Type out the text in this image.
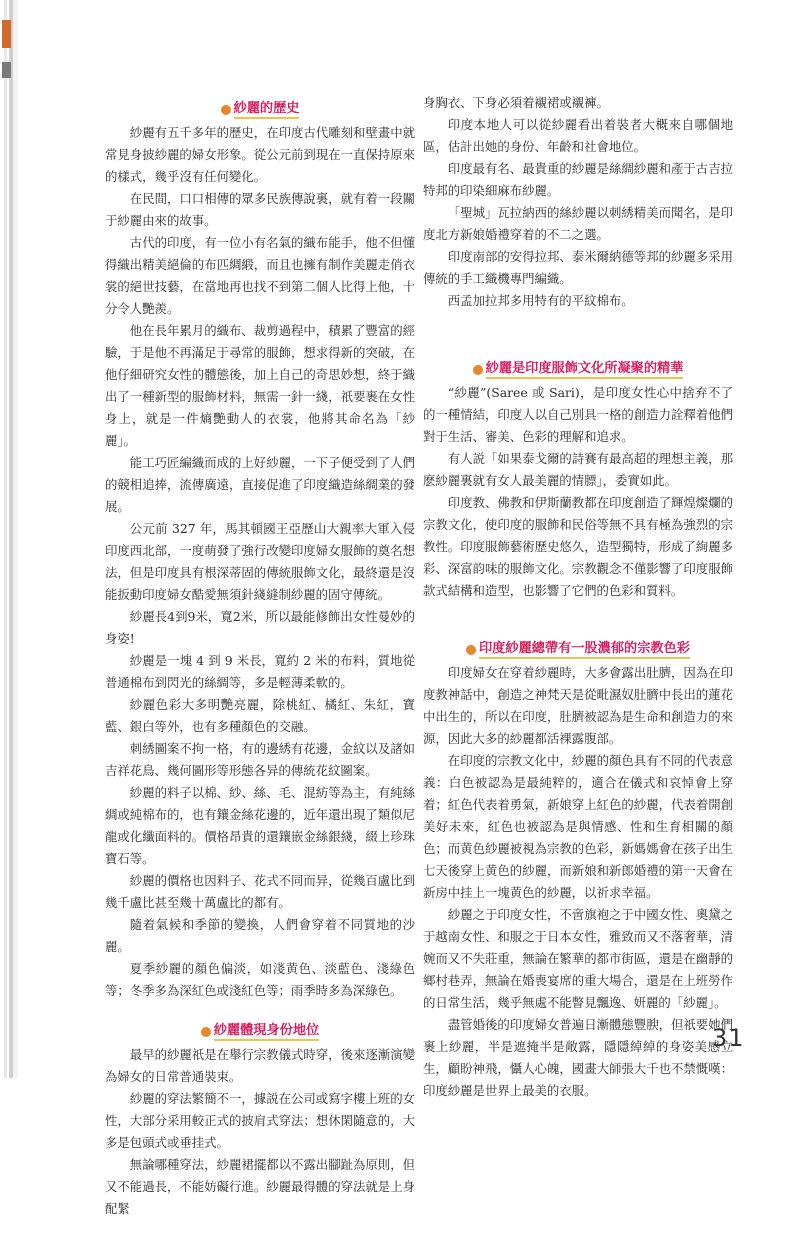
紗麗的歷史

紗麗有五千多年的歷史，在印度古代雕刻和壁畫中就常見身披紗麗的婦女形象。從公元前到現在一直保持原來的樣式，幾乎沒有任何變化。

在民間，口口相傳的眾多民族傳說裏，就有着一段關于紗麗由來的故事。

古代的印度，有一位小有名氣的織布能手，他不但懂得織出精美絕倫的布匹綢緞，而且也擁有制作美麗走俏衣裳的絕世技藝，在當地再也找不到第二個人比得上他，十分令人艷羨。

他在長年累月的織布、裁剪過程中，積累了豐富的經驗，于是他不再滿足于尋常的服飾，想求得新的突破，在他仔細研究女性的體態後，加上自己的奇思妙想，終于織出了一種新型的服飾材料，無需一針一綫，祇要裹在女性身上，就是一件熵艷動人的衣裳，他將其命名為「紗麗」。

能工巧匠編織而成的上好紗麗，一下子便受到了人們的競相追捧，流傳廣遠，直接促進了印度織造絲綢業的發展。

公元前 327 年，馬其頓國王亞歷山大親率大軍入侵印度西北部，一度萌發了強行改變印度婦女服飾的奠名想法，但是印度具有根深蒂固的傳統服飾文化，最終還是沒能扳動印度婦女酷愛無須針綫縫制紗麗的固守傳統。

紗麗長4到9米，寬2米，所以最能修飾出女性曼妙的身姿!

紗麗是一塊 4 到 9 米長，寬約 2 米的布料，質地從普通棉布到閃光的絲綢等，多是輕薄柔軟的。

紗麗色彩大多明艷亮麗，除桃紅、橘紅、朱紅，寶藍、銀白等外，也有多種顏色的交融。

刺綉圖案不拘一格，有的邊綉有花邊，金紋以及諸如吉祥花鳥、幾何圖形等形態各异的傳統花紋圖案。

紗麗的料子以棉、紗、絲、毛、混紡等為主，有純絲綢或純棉布的，也有鑲金絲花邊的，近年還出現了類似尼龍或化纖面料的。價格昂貴的還鑲嵌金絲銀綫，綴上珍珠寶石等。

紗麗的價格也因料子、花式不同而异，從幾百盧比到幾千盧比甚至幾十萬盧比的都有。

隨着氣候和季節的變換，人們會穿着不同質地的沙麗。

夏季紗麗的顏色偏淡，如淺黄色、淡藍色、淺綠色等；冬季多為深紅色或淺紅色等；雨季時多為深綠色。

紗麗體現身份地位

最早的紗麗祇是在舉行宗教儀式時穿，後來逐漸演變為婦女的日常普通裝束。

紗麗的穿法繁簡不一，據説在公司或寫字樓上班的女性，大部分采用較正式的披肩式穿法；想休閑隨意的，大多是包頭式或垂挂式。

無論哪種穿法，紗麗裙擺都以不露出腳趾為原則，但又不能過長，不能妨礙行進。紗麗最得體的穿法就是上身配緊

身胸衣、下身必須着襯裙或襯褲。

印度本地人可以從紗麗看出着裝者大概來自哪個地區，估計出她的身份、年齡和社會地位。

印度最有名、最貴重的紗麗是絲綢紗麗和產于古吉拉特邦的印染細麻布紗麗。

「聖城」瓦拉納西的絲紗麗以刺綉精美而聞名，是印度北方新娘婚禮穿着的不二之選。

印度南部的安得拉邦、泰米爾納德等邦的紗麗多采用傳統的手工織機專門編織。

西孟加拉邦多用特有的平紋棉布。

紗麗是印度服飾文化所凝聚的精華

“紗麗”(Saree 或 Sari)，是印度女性心中捨弃不了的一種情結，印度人以自己別具一格的創造力詮釋着他們對于生活、審美、色彩的理解和追求。

有人説「如果泰戈爾的詩賽有最高超的理想主義，那麽紗麗裏就有女人最美麗的情膘」，委實如此。

印度教、佛教和伊斯蘭教都在印度創造了輝煌燦爛的宗教文化，使印度的服飾和民俗等無不具有極為強烈的宗教性。印度服飾藝術歷史悠久，造型獨特，形成了絢麗多彩、深富韵味的服飾文化。宗教觀念不僅影響了印度服飾款式結構和造型，也影響了它們的色彩和質料。

印度紗麗總帶有一股濃郁的宗教色彩

印度婦女在穿着紗麗時，大多會露出肚臍，因為在印度教神話中，創造之神梵天是從毗濕奴肚臍中長出的蓮花中出生的，所以在印度，肚臍被認為是生命和創造力的來源，因此大多的紗麗都活裸露腹部。

在印度的宗教文化中，紗麗的顏色具有不同的代表意義：白色被認為是最純粹的，適合在儀式和哀悼會上穿着；紅色代表着勇氣，新娘穿上紅色的紗麗，代表着開創美好未來，紅色也被認為是與情感、性和生育相關的顏色；而黄色紗麗被視為宗教的色彩，新媽媽會在孩子出生七天後穿上黄色的紗麗，而新娘和新郎婚禮的第一天會在新房中挂上一塊黄色的紗麗，以祈求幸福。

紗麗之于印度女性，不啻旗袍之于中國女性、奧黛之于越南女性、和服之于日本女性，雅致而又不落奢華，清婉而又不失莊重，無論在繁華的都市街區，還是在幽靜的鄉村巷弄，無論在婚喪宴席的重大場合，還是在上班勞作的日常生活，幾乎無處不能瞥見飄逸、妍麗的「紗麗」。

盡管婚後的印度婦女普遍日漸體態豐腴，但祇要她們裹上紗麗，半是遮掩半是敞露，隱隱綽綽的身姿美感立生，顧盼神飛，懾人心魄，國畫大師張大千也不禁慨嘆：印度紗麗是世界上最美的衣服。

31
